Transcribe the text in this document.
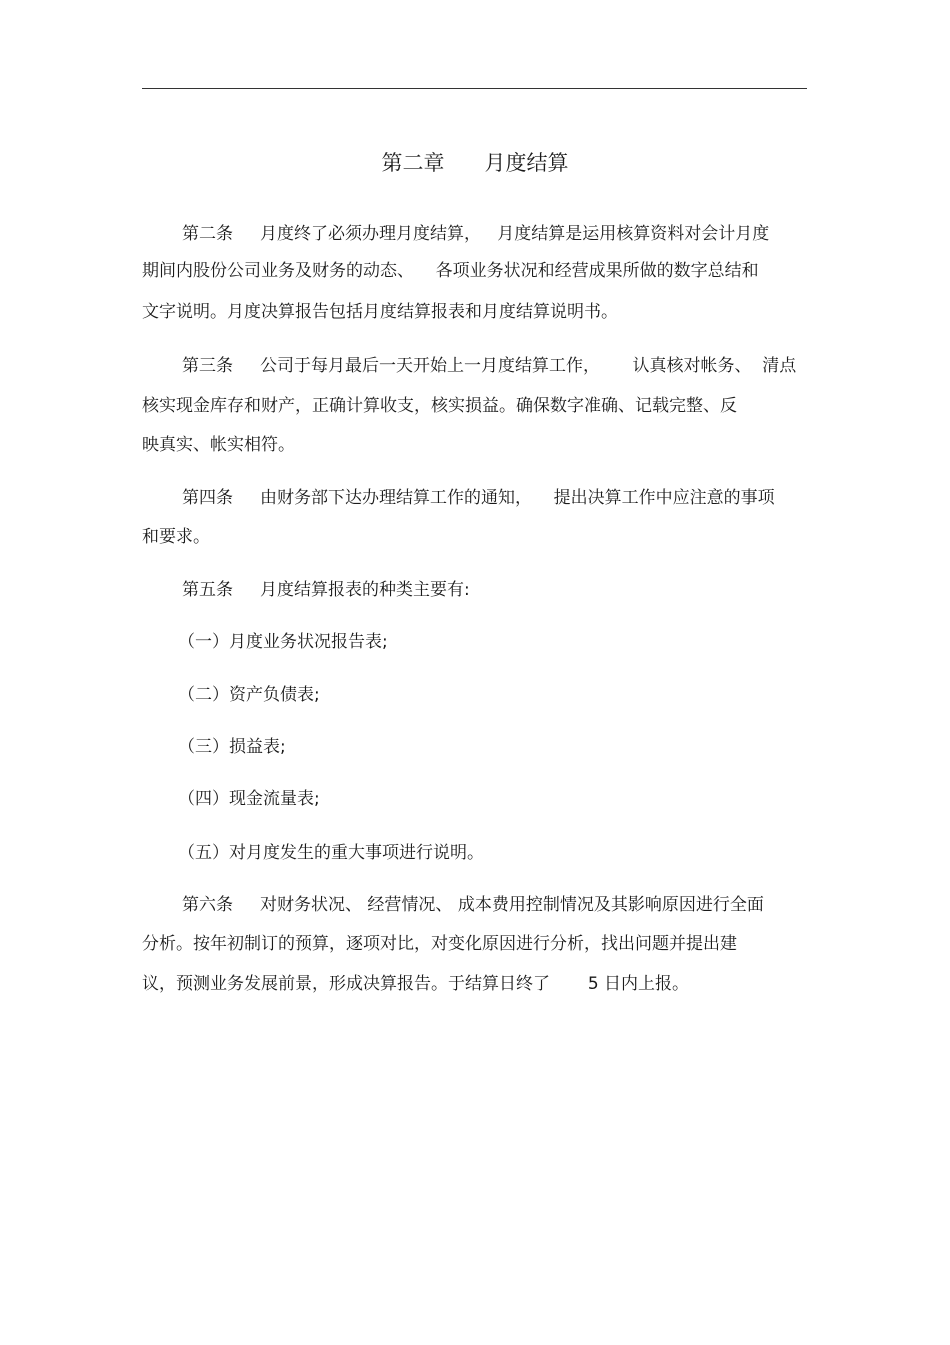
第二章      月度结算
第二条     月度终了必须办理月度结算，   月度结算是运用核算资料对会计月度
期间内股份公司业务及财务的动态、    各项业务状况和经营成果所做的数字总结和
文字说明。月度决算报告包括月度结算报表和月度结算说明书。
第三条     公司于每月最后一天开始上一月度结算工作，      认真核对帐务、  清点
核实现金库存和财产，正确计算收支，核实损益。确保数字准确、记载完整、反
映真实、帐实相符。
第四条     由财务部下达办理结算工作的通知，    提出决算工作中应注意的事项
和要求。
第五条     月度结算报表的种类主要有:
（一）月度业务状况报告表;
（二）资产负债表;
（三）损益表;
（四）现金流量表;
（五）对月度发生的重大事项进行说明。
第六条     对财务状况、 经营情况、 成本费用控制情况及其影响原因进行全面
分析。按年初制订的预算，逐项对比，对变化原因进行分析，找出问题并提出建
议，预测业务发展前景，形成决算报告。于结算日终了       5 日内上报。
